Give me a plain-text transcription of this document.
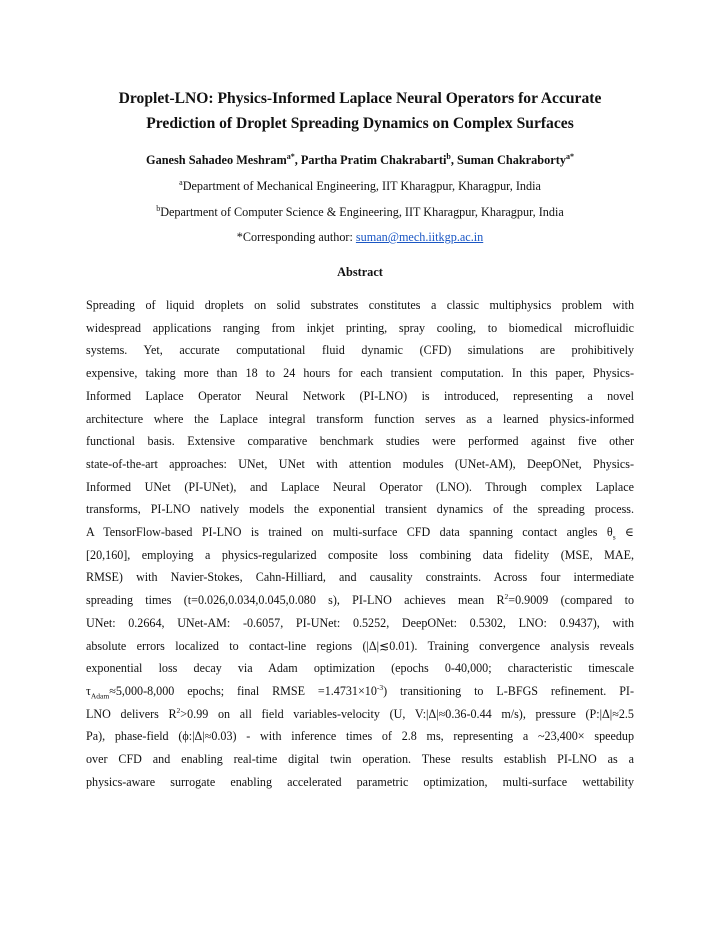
Droplet-LNO: Physics-Informed Laplace Neural Operators for Accurate
Prediction of Droplet Spreading Dynamics on Complex Surfaces
Ganesh Sahadeo Meshram$^{a*}$, Partha Pratim Chakrabarti$^b$, Suman Chakraborty$^{a*}$
$^a$Department of Mechanical Engineering, IIT Kharagpur, Kharagpur, India
$^b$Department of Computer Science & Engineering, IIT Kharagpur, Kharagpur, India
*Corresponding author: suman@mech.iitkgp.ac.in
Abstract
Spreading of liquid droplets on solid substrates constitutes a classic multiphysics problem with
widespread applications ranging from inkjet printing, spray cooling, to biomedical microfluidic
systems. Yet, accurate computational fluid dynamic (CFD) simulations are prohibitively
expensive, taking more than 18 to 24 hours for each transient computation. In this paper, Physics-
Informed Laplace Operator Neural Network (PI-LNO) is introduced, representing a novel
architecture where the Laplace integral transform function serves as a learned physics-informed
functional basis. Extensive comparative benchmark studies were performed against five other
state-of-the-art approaches: UNet, UNet with attention modules (UNet-AM), DeepONet, Physics-
Informed UNet (PI-UNet), and Laplace Neural Operator (LNO). Through complex Laplace
transforms, PI-LNO natively models the exponential transient dynamics of the spreading process.
A TensorFlow-based PI-LNO is trained on multi-surface CFD data spanning contact angles $\theta_s$ ∈
[20,160], employing a physics-regularized composite loss combining data fidelity (MSE, MAE,
RMSE) with Navier-Stokes, Cahn-Hilliard, and causality constraints. Across four intermediate
spreading times (t=0.026,0.034,0.045,0.080 s), PI-LNO achieves mean $R^2=0.9009$ (compared to
UNet: 0.2664, UNet-AM: -0.6057, PI-UNet: 0.5252, DeepONet: 0.5302, LNO: 0.9437), with
absolute errors localized to contact-line regions (|Δ|≲0.01). Training convergence analysis reveals
exponential loss decay via Adam optimization (epochs 0-40,000; characteristic timescale
$\tau_{Adam}\approx 5,000-8,000$ epochs; final RMSE $=1.4731\times 10^{-3}$) transitioning to L-BFGS refinement. PI-
LNO delivers $R^2>0.99$ on all field variables-velocity (U, V:|Δ|≈0.36-0.44 m/s), pressure (P:|Δ|≈2.5
Pa), phase-field (ϕ:|Δ|≈0.03) - with inference times of 2.8 ms, representing a ~23,400× speedup
over CFD and enabling real-time digital twin operation. These results establish PI-LNO as a
physics-aware surrogate enabling accelerated parametric optimization, multi-surface wettability
